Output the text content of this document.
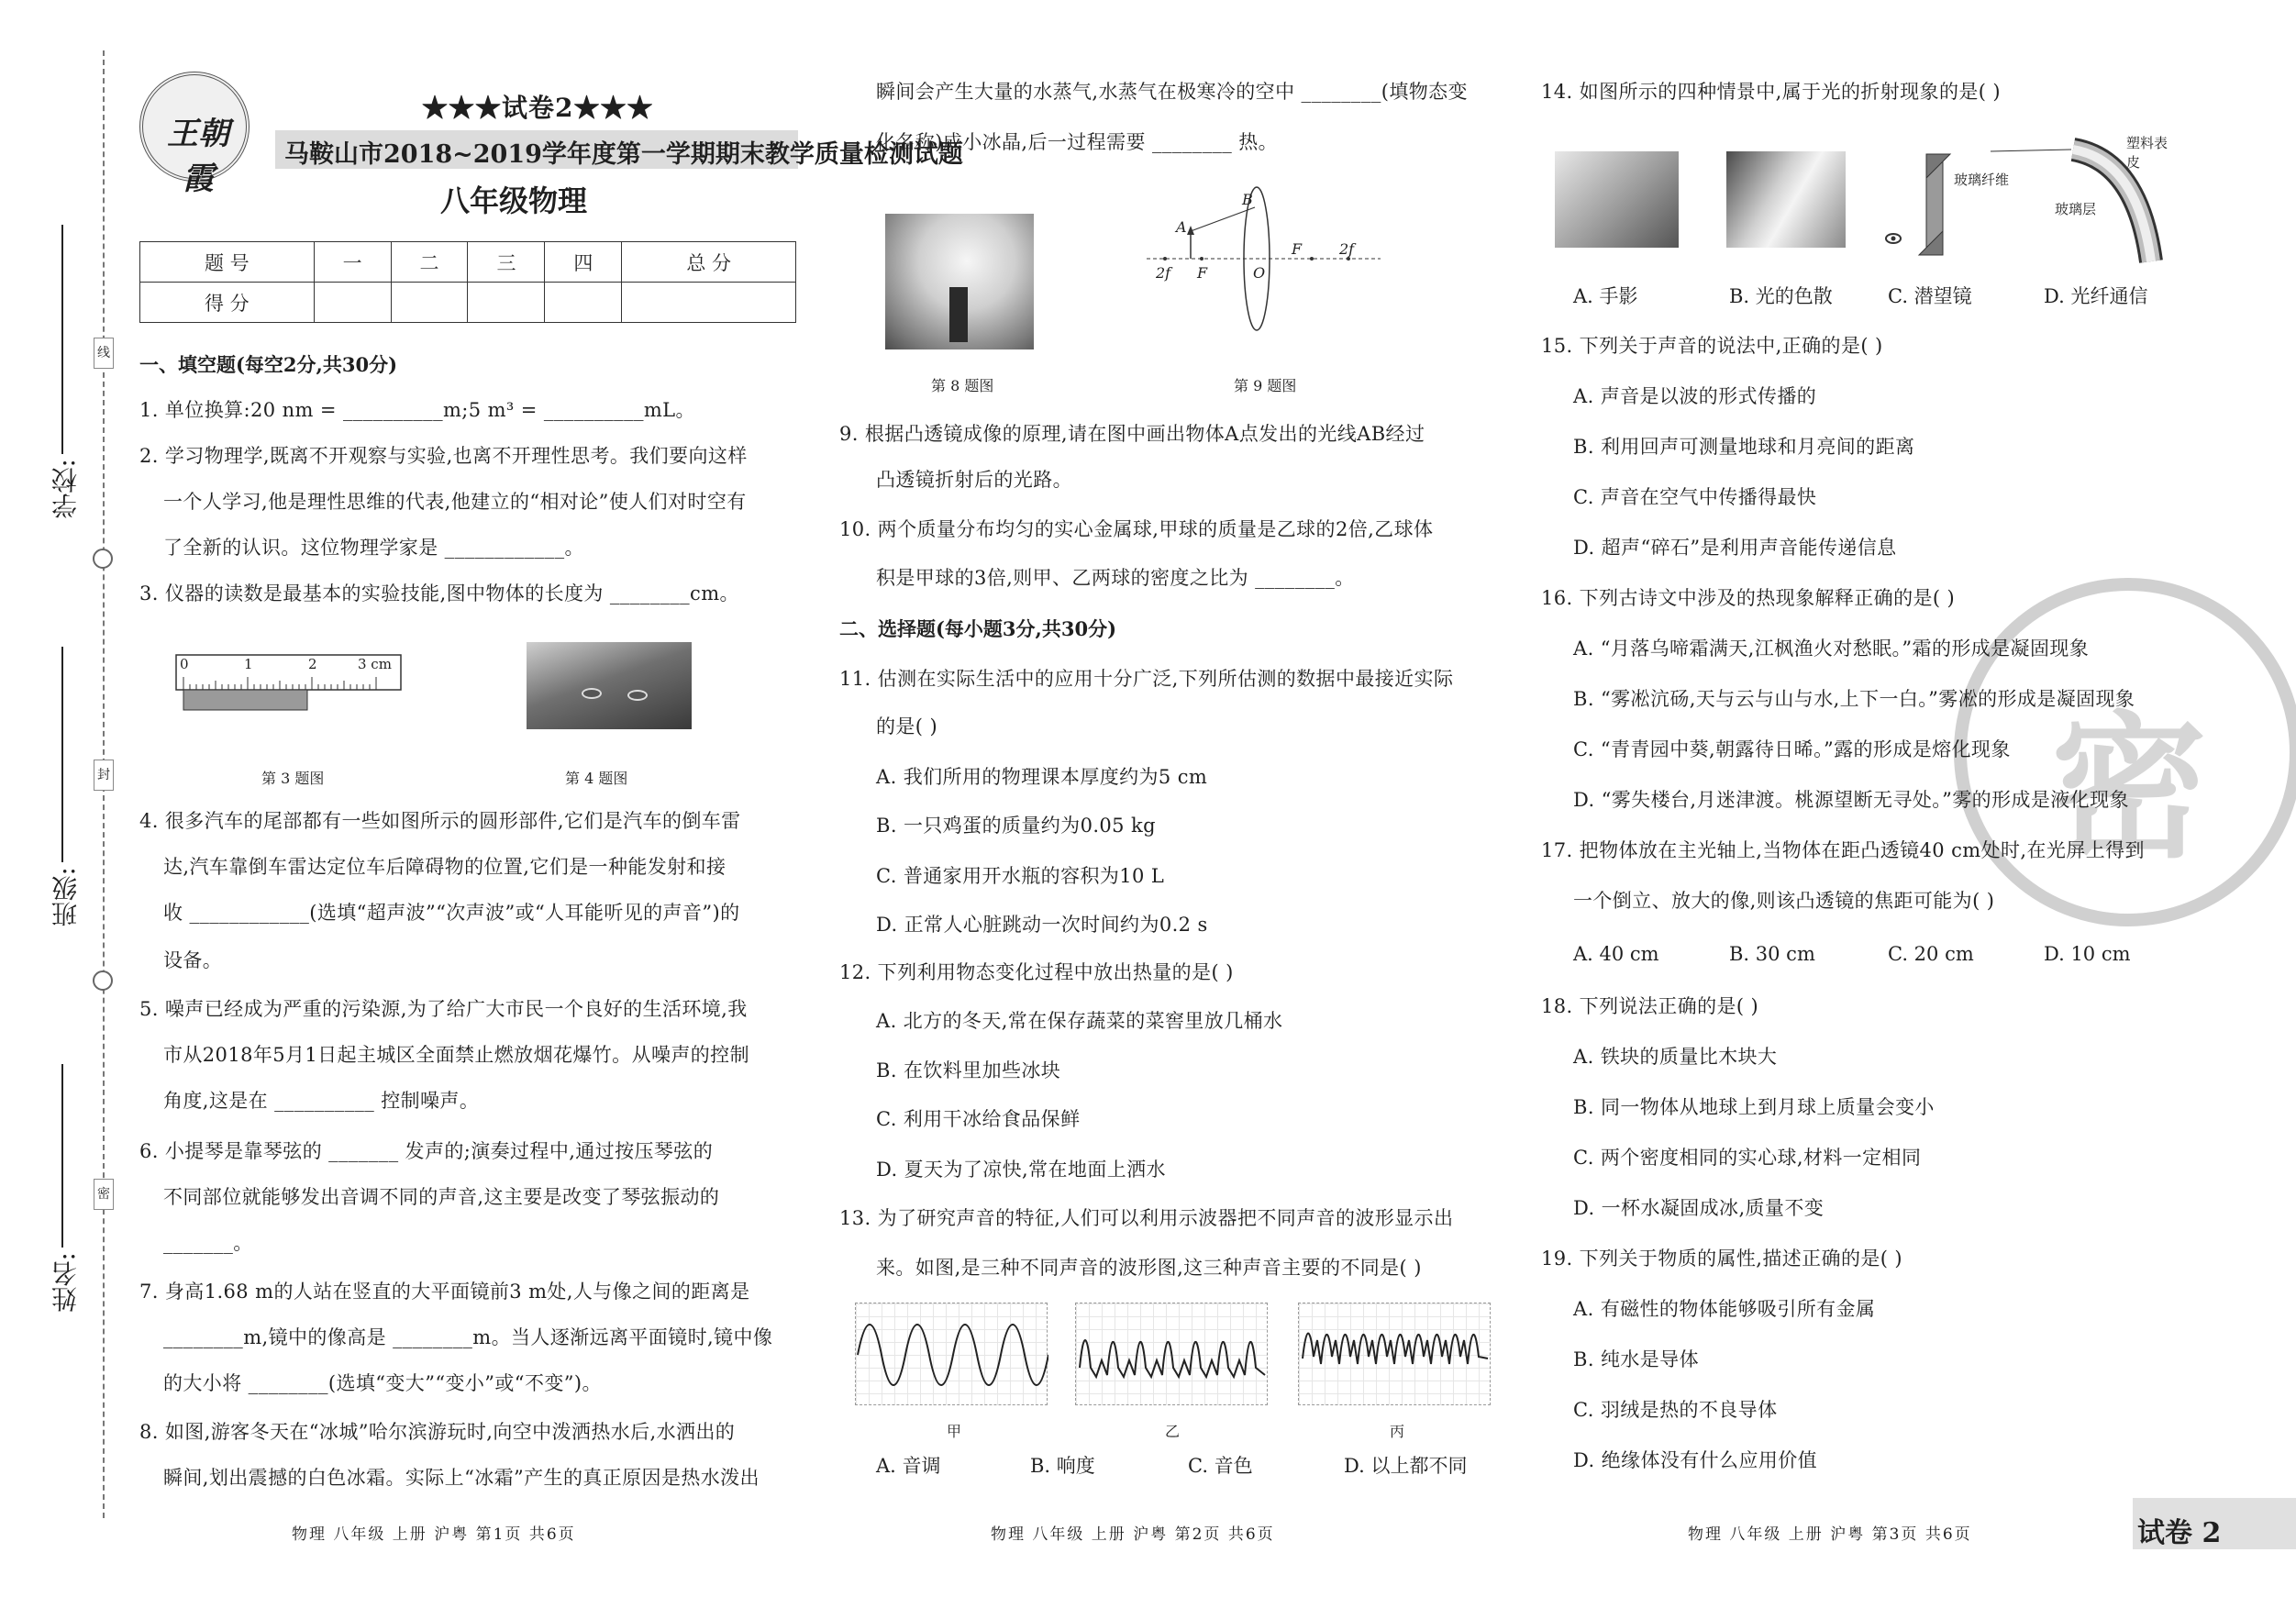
线
封
密
学校:
班级:
姓名:
王朝霞
★★★试卷2★★★
马鞍山市2018~2019学年度第一学期期末教学质量检测试题
八年级物理
题 号	一	二	三	四	总 分
得 分					
一、填空题(每空2分,共30分)
1. 单位换算:20 nm = __________m;5 m³ = __________mL。
2. 学习物理学,既离不开观察与实验,也离不开理性思考。我们要向这样
一个人学习,他是理性思维的代表,他建立的“相对论”使人们对时空有
了全新的认识。这位物理学家是 ____________。
3. 仪器的读数是最基本的实验技能,图中物体的长度为 ________cm。
0	1	2	3 cm
第 3 题图	第 4 题图
4. 很多汽车的尾部都有一些如图所示的圆形部件,它们是汽车的倒车雷
达,汽车靠倒车雷达定位车后障碍物的位置,它们是一种能发射和接
收 ____________(选填“超声波”“次声波”或“人耳能听见的声音”)的
设备。
5. 噪声已经成为严重的污染源,为了给广大市民一个良好的生活环境,我
市从2018年5月1日起主城区全面禁止燃放烟花爆竹。从噪声的控制
角度,这是在 __________ 控制噪声。
6. 小提琴是靠琴弦的 _______ 发声的;演奏过程中,通过按压琴弦的
不同部位就能够发出音调不同的声音,这主要是改变了琴弦振动的
_______。
7. 身高1.68 m的人站在竖直的大平面镜前3 m处,人与像之间的距离是
________m,镜中的像高是 ________m。当人逐渐远离平面镜时,镜中像
的大小将 ________(选填“变大”“变小”或“不变”)。
8. 如图,游客冬天在“冰城”哈尔滨游玩时,向空中泼洒热水后,水洒出的
瞬间,划出震撼的白色冰霜。实际上“冰霜”产生的真正原因是热水泼出
物理 八年级 上册 沪粤 第1页 共6页
瞬间会产生大量的水蒸气,水蒸气在极寒冷的空中 ________(填物态变
化名称)成小冰晶,后一过程需要 ________ 热。
B
A
2f F	O
F	2f
第 8 题图	第 9 题图
9. 根据凸透镜成像的原理,请在图中画出物体A点发出的光线AB经过
凸透镜折射后的光路。
10. 两个质量分布均匀的实心金属球,甲球的质量是乙球的2倍,乙球体
积是甲球的3倍,则甲、乙两球的密度之比为 ________。
二、选择题(每小题3分,共30分)
11. 估测在实际生活中的应用十分广泛,下列所估测的数据中最接近实际
的是( )
A. 我们所用的物理课本厚度约为5 cm
B. 一只鸡蛋的质量约为0.05 kg
C. 普通家用开水瓶的容积为10 L
D. 正常人心脏跳动一次时间约为0.2 s
12. 下列利用物态变化过程中放出热量的是( )
A. 北方的冬天,常在保存蔬菜的菜窖里放几桶水
B. 在饮料里加些冰块
C. 利用干冰给食品保鲜
D. 夏天为了凉快,常在地面上洒水
13. 为了研究声音的特征,人们可以利用示波器把不同声音的波形显示出
来。如图,是三种不同声音的波形图,这三种声音主要的不同是( )
甲	乙	丙
A. 音调	B. 响度	C. 音色	D. 以上都不同
物理 八年级 上册 沪粤 第2页 共6页
密
14. 如图所示的四种情景中,属于光的折射现象的是( )
塑料表皮
玻璃纤维
玻璃层
A. 手影	B. 光的色散	C. 潜望镜	D. 光纤通信
15. 下列关于声音的说法中,正确的是( )
A. 声音是以波的形式传播的
B. 利用回声可测量地球和月亮间的距离
C. 声音在空气中传播得最快
D. 超声“碎石”是利用声音能传递信息
16. 下列古诗文中涉及的热现象解释正确的是( )
A. “月落乌啼霜满天,江枫渔火对愁眠。”霜的形成是凝固现象
B. “雾凇沆砀,天与云与山与水,上下一白。”雾凇的形成是凝固现象
C. “青青园中葵,朝露待日晞。”露的形成是熔化现象
D. “雾失楼台,月迷津渡。桃源望断无寻处。”雾的形成是液化现象
17. 把物体放在主光轴上,当物体在距凸透镜40 cm处时,在光屏上得到
一个倒立、放大的像,则该凸透镜的焦距可能为( )
A. 40 cm	B. 30 cm	C. 20 cm	D. 10 cm
18. 下列说法正确的是( )
A. 铁块的质量比木块大
B. 同一物体从地球上到月球上质量会变小
C. 两个密度相同的实心球,材料一定相同
D. 一杯水凝固成冰,质量不变
19. 下列关于物质的属性,描述正确的是( )
A. 有磁性的物体能够吸引所有金属
B. 纯水是导体
C. 羽绒是热的不良导体
D. 绝缘体没有什么应用价值
物理 八年级 上册 沪粤 第3页 共6页	试卷 2
